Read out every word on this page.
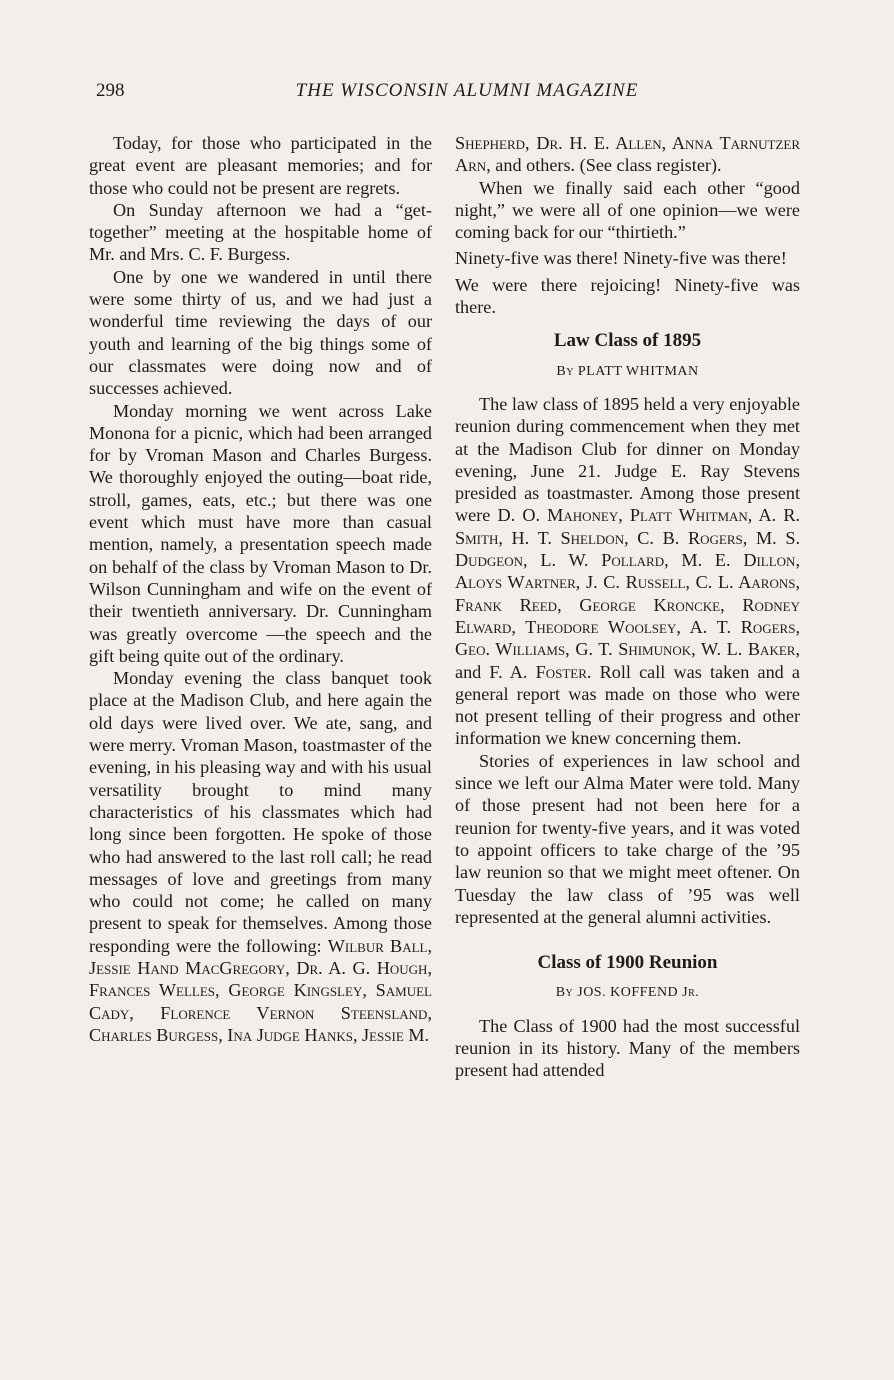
298	THE WISCONSIN ALUMNI MAGAZINE

Today, for those who participated in the great event are pleasant memories; and for those who could not be present are regrets.

On Sunday afternoon we had a “get-together” meeting at the hospitable home of Mr. and Mrs. C. F. Burgess.

One by one we wandered in until there were some thirty of us, and we had just a wonderful time reviewing the days of our youth and learning of the big things some of our classmates were doing now and of successes achieved.

Monday morning we went across Lake Monona for a picnic, which had been arranged for by Vroman Mason and Charles Burgess. We thoroughly enjoyed the outing—boat ride, stroll, games, eats, etc.; but there was one event which must have more than casual mention, namely, a presentation speech made on behalf of the class by Vroman Mason to Dr. Wilson Cunningham and wife on the event of their twentieth anniversary. Dr. Cunningham was greatly overcome —the speech and the gift being quite out of the ordinary.

Monday evening the class banquet took place at the Madison Club, and here again the old days were lived over. We ate, sang, and were merry. Vroman Mason, toastmaster of the evening, in his pleasing way and with his usual versatility brought to mind many characteristics of his classmates which had long since been forgotten. He spoke of those who had answered to the last roll call; he read messages of love and greetings from many who could not come; he called on many present to speak for themselves. Among those responding were the following: Wilbur Ball, Jessie Hand MacGregory, Dr. A. G. Hough, Frances Welles, George Kingsley, Samuel Cady, Florence Vernon Steensland, Charles Burgess, Ina Judge Hanks, Jessie M.

Shepherd, Dr. H. E. Allen, Anna Tarnutzer Arn, and others. (See class register).

When we finally said each other “good night,” we were all of one opinion—we were coming back for our “thirtieth.”

Ninety-five was there! Ninety-five was there!

We were there rejoicing! Ninety-five was there.

Law Class of 1895
By PLATT WHITMAN

The law class of 1895 held a very enjoyable reunion during commencement when they met at the Madison Club for dinner on Monday evening, June 21. Judge E. Ray Stevens presided as toastmaster. Among those present were D. O. Mahoney, Platt Whitman, A. R. Smith, H. T. Sheldon, C. B. Rogers, M. S. Dudgeon, L. W. Pollard, M. E. Dillon, Aloys Wartner, J. C. Russell, C. L. Aarons, Frank Reed, George Kroncke, Rodney Elward, Theodore Woolsey, A. T. Rogers, Geo. Williams, G. T. Shimunok, W. L. Baker, and F. A. Foster. Roll call was taken and a general report was made on those who were not present telling of their progress and other information we knew concerning them.

Stories of experiences in law school and since we left our Alma Mater were told. Many of those present had not been here for a reunion for twenty-five years, and it was voted to appoint officers to take charge of the ’95 law reunion so that we might meet oftener. On Tuesday the law class of ’95 was well represented at the general alumni activities.

Class of 1900 Reunion
By JOS. KOFFEND Jr.

The Class of 1900 had the most successful reunion in its history. Many of the members present had attended
